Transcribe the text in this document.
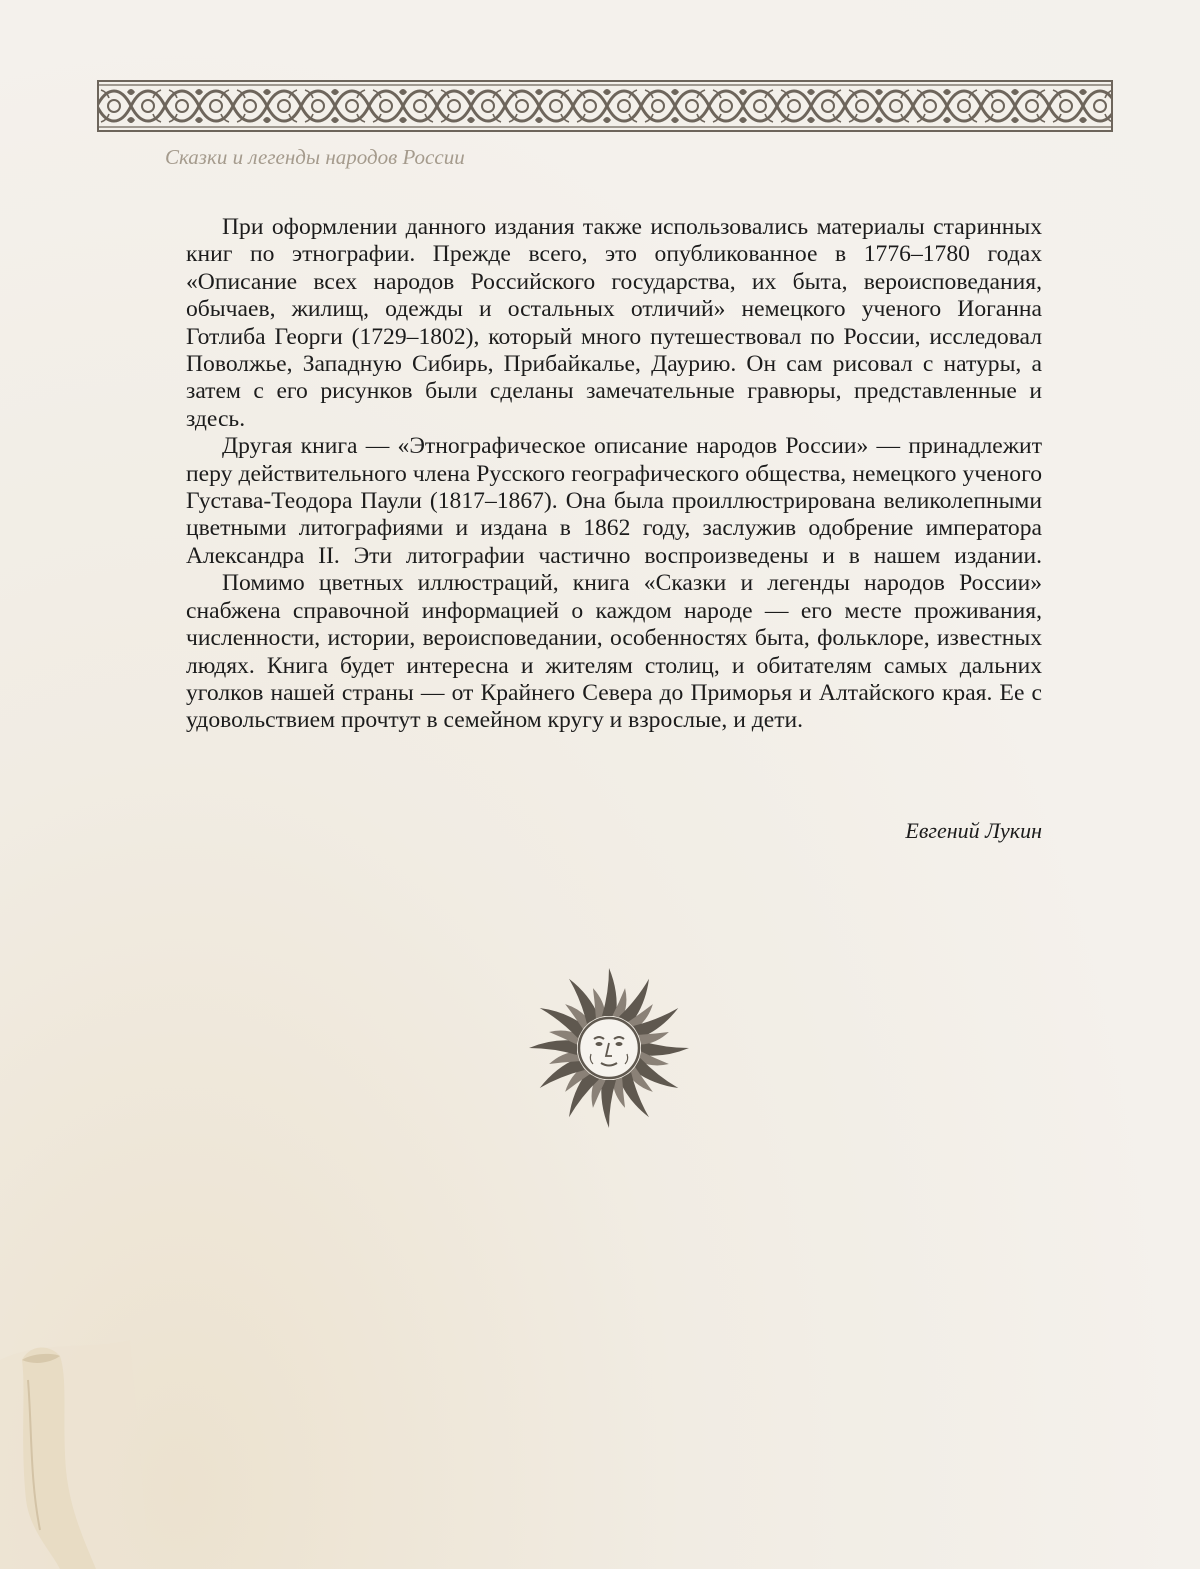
Сказки и легенды народов России

При оформлении данного издания также использовались материалы старинных книг по этнографии. Прежде всего, это опубликованное в 1776–1780 годах «Описание всех народов Российского государства, их быта, вероисповедания, обычаев, жилищ, одежды и остальных отличий» немецкого ученого Иоганна Готлиба Георги (1729–1802), который много путешествовал по России, исследовал Поволжье, Западную Сибирь, Прибайкалье, Даурию. Он сам рисовал с натуры, а затем с его рисунков были сделаны замечательные гравюры, представленные и здесь.

Другая книга — «Этнографическое описание народов России» — принадлежит перу действительного члена Русского географического общества, немецкого ученого Густава-Теодора Паули (1817–1867). Она была проиллюстрирована великолепными цветными литографиями и издана в 1862 году, заслужив одобрение императора Александра II. Эти литографии частично воспроизведены и в нашем издании.

Помимо цветных иллюстраций, книга «Сказки и легенды народов России» снабжена справочной информацией о каждом народе — его месте проживания, численности, истории, вероисповедании, особенностях быта, фольклоре, известных людях. Книга будет интересна и жителям столиц, и обитателям самых дальних уголков нашей страны — от Крайнего Севера до Приморья и Алтайского края. Ее с удовольствием прочтут в семейном кругу и взрослые, и дети.

Евгений Лукин
